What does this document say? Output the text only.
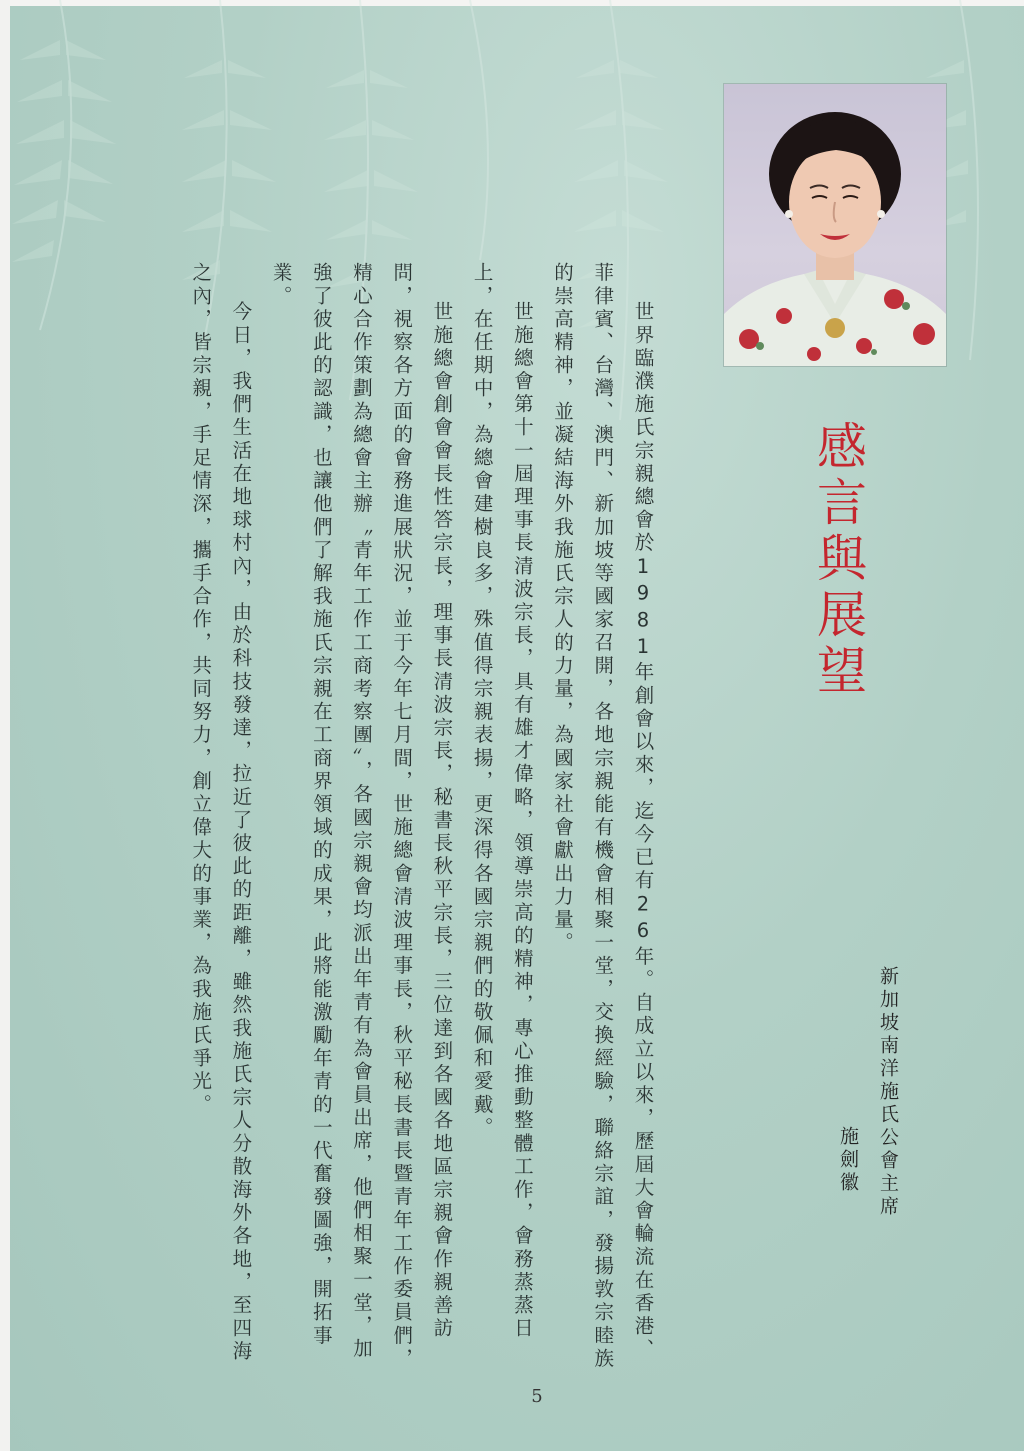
感言與展望

世界臨濮施氏宗親總會於1981年創會以來，迄今已有26年。自成立以來，歷屆大會輪流在香港、菲律賓、台灣、澳門、新加坡等國家召開，各地宗親能有機會相聚一堂，交換經驗，聯絡宗誼，發揚敦宗睦族的崇高精神，並凝結海外我施氏宗人的力量，為國家社會獻出力量。

世施總會第十一屆理事長清波宗長，具有雄才偉略，領導崇高的精神，專心推動整體工作，會務蒸蒸日上，在任期中，為總會建樹良多，殊值得宗親表揚，更深得各國宗親們的敬佩和愛戴。

世施總會創會會長性答宗長，理事長清波宗長，秘書長秋平宗長，三位達到各國各地區宗親會作親善訪問，視察各方面的會務進展狀況，並于今年七月間，世施總會清波理事長，秋平秘長書長暨青年工作委員們，精心合作策劃為總會主辦〝青年工作工商考察團〞，各國宗親會均派出年青有為會員出席，他們相聚一堂，加強了彼此的認識，也讓他們了解我施氏宗親在工商界領域的成果，此將能激勵年青的一代奮發圖強，開拓事業。

今日，我們生活在地球村內，由於科技發達，拉近了彼此的距離，雖然我施氏宗人分散海外各地，至四海之內，皆宗親，手足情深，攜手合作，共同努力，創立偉大的事業，為我施氏爭光。	新加坡南洋施氏公會主席
施劍徽
5
